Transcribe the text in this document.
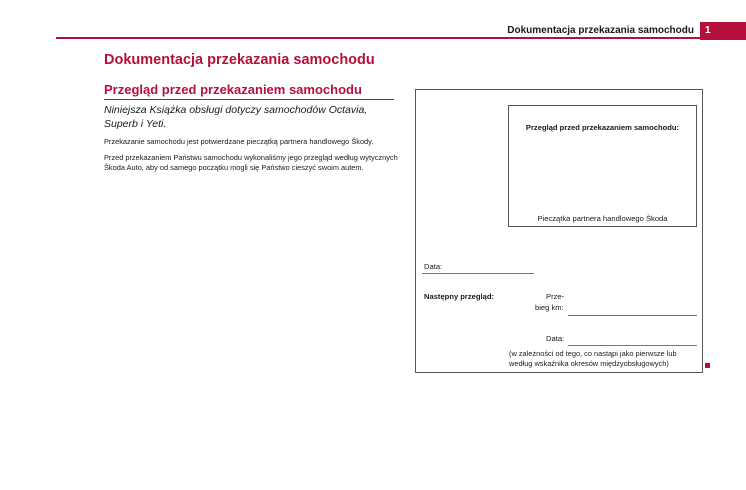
Dokumentacja przekazania samochodu 1
Dokumentacja przekazania samochodu
Przegląd przed przekazaniem samochodu
Niniejsza Książka obsługi dotyczy samochodów Octavia, Superb i Yeti.
Przekazanie samochodu jest potwierdzane pieczątką partnera handlowego Škody.
Przed przekazaniem Państwu samochodu wykonaliśmy jego przegląd według wytycznych Škoda Auto, aby od samego początku mogli się Państwo cieszyć swoim autem.
Przegląd przed przekazaniem samochodu:
Pieczątka partnera handlowego Škoda
Data:
Następny przegląd:	Prze-
bieg km:
Data:
(w zależności od tego, co nastąpi jako pierwsze lub według wskaźnika okresów międzyobsługowych)
